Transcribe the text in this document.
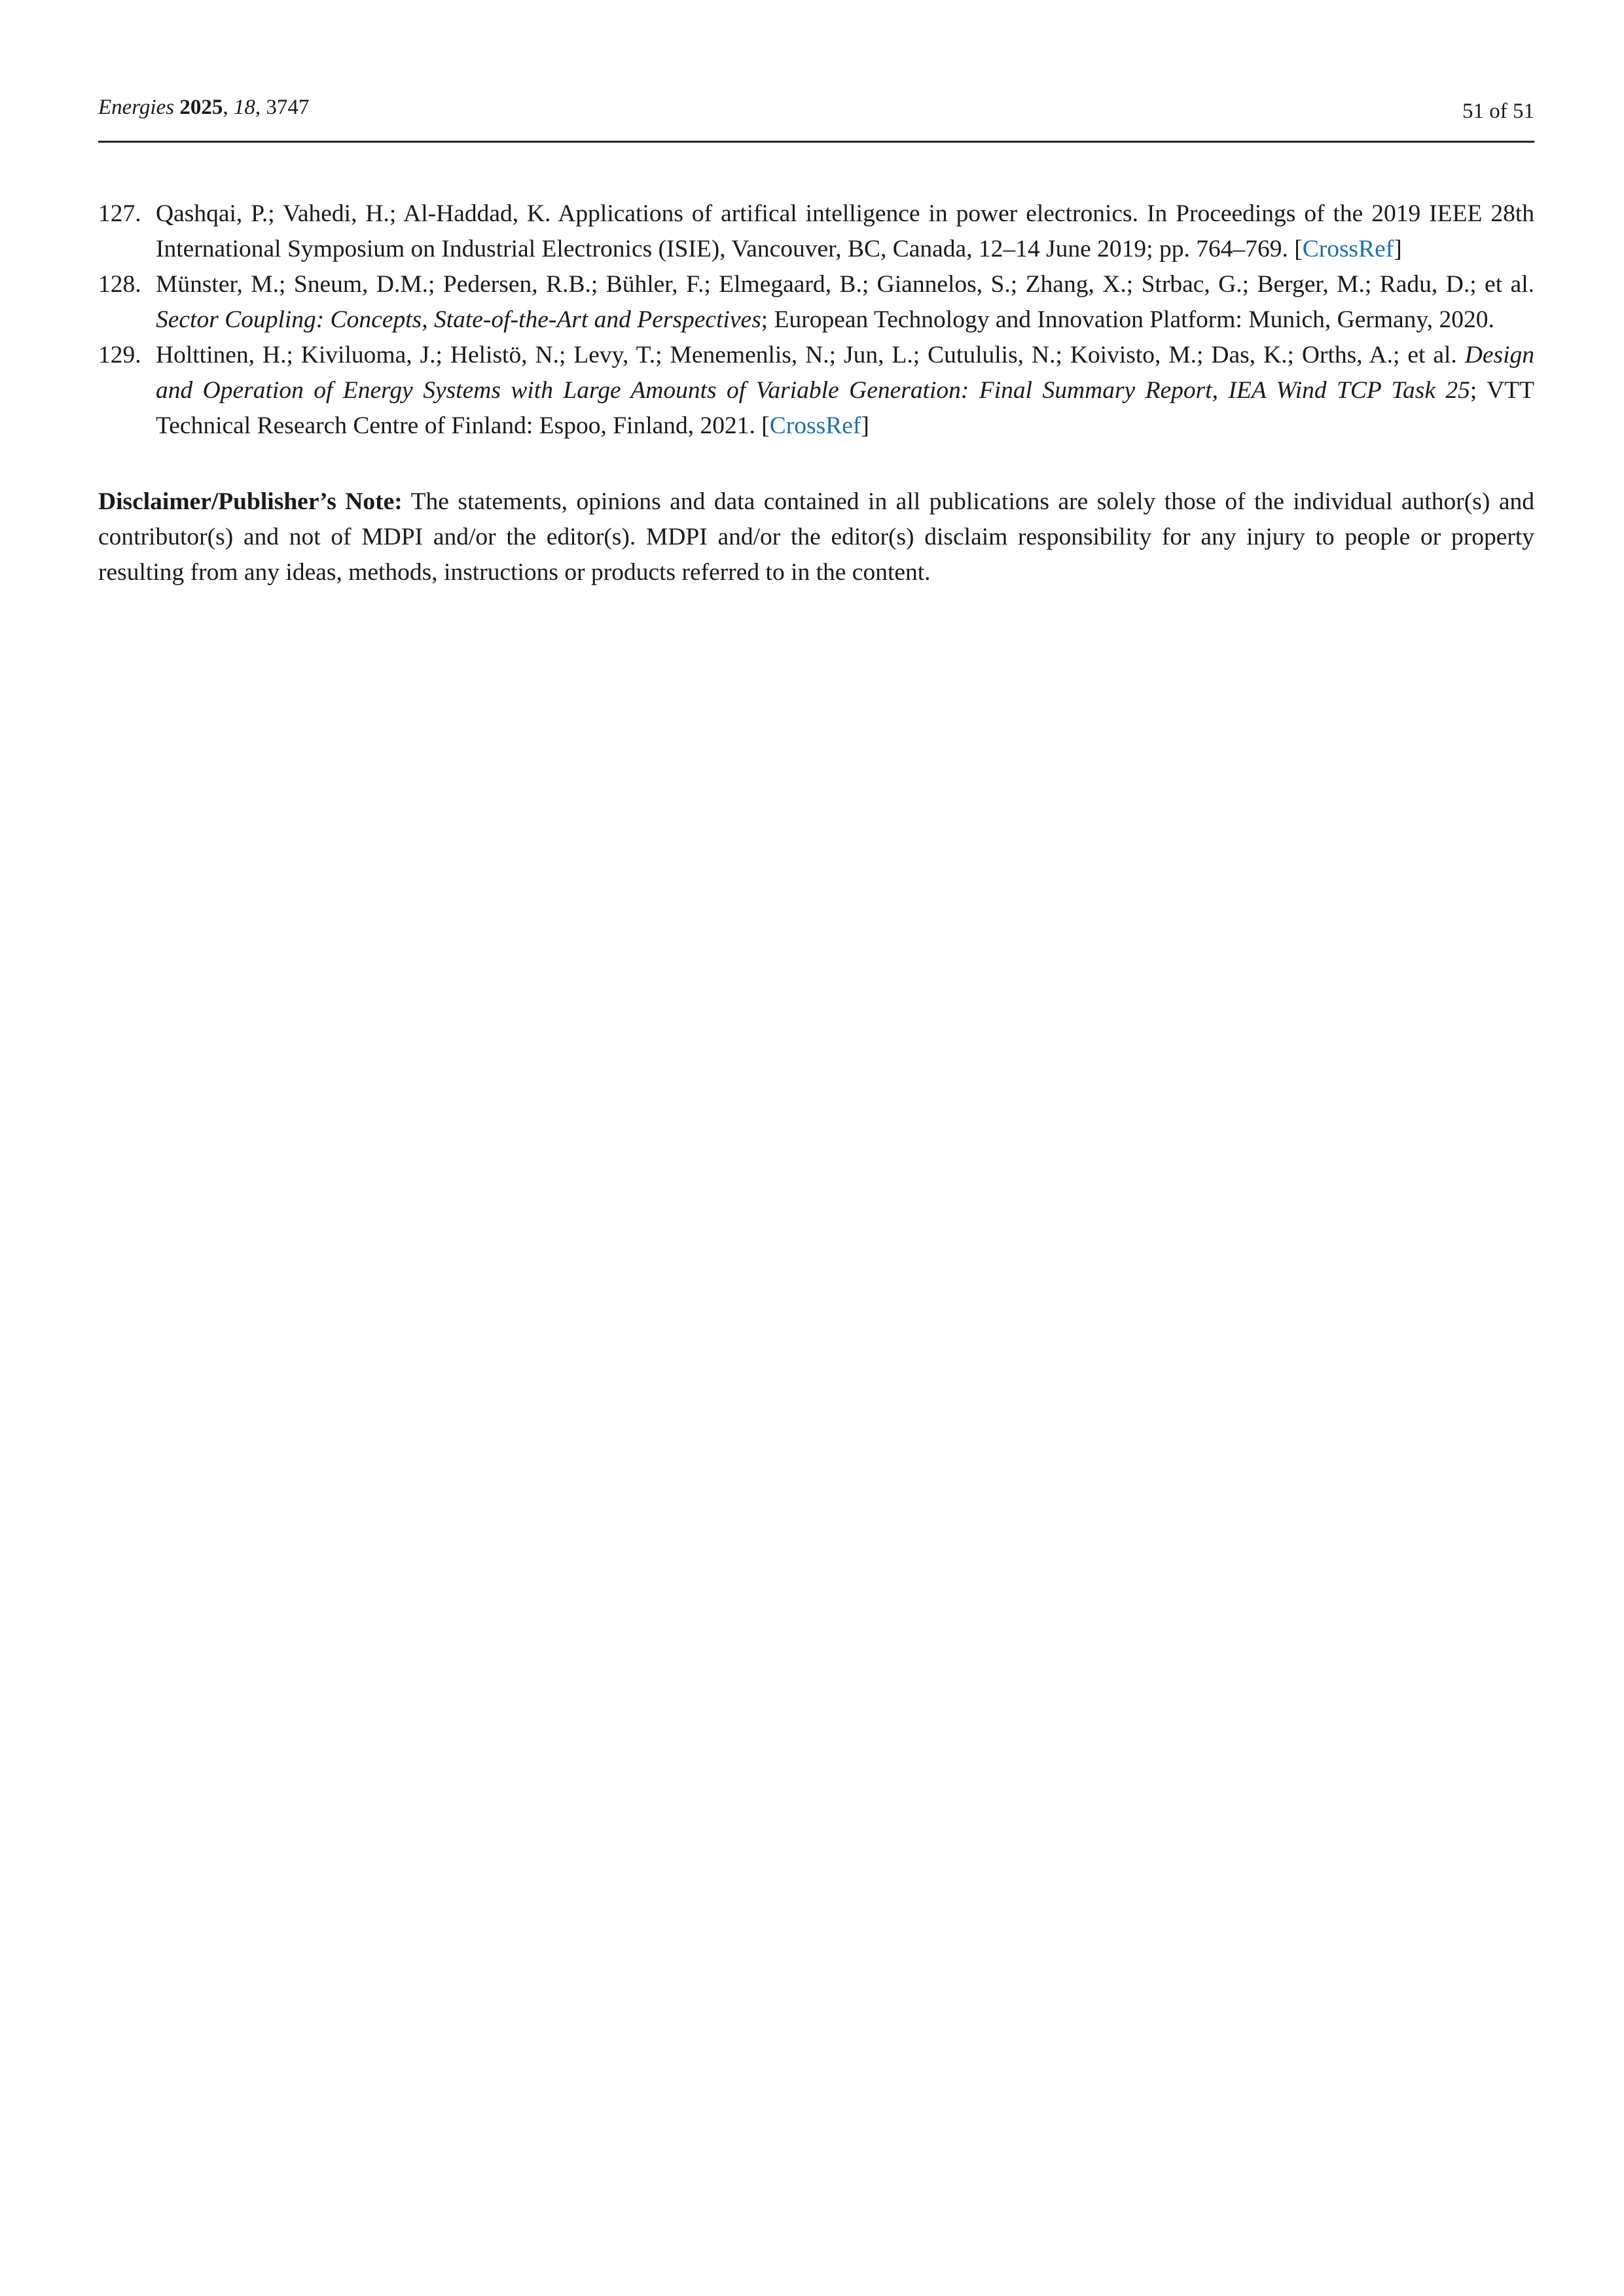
Energies 2025, 18, 3747	51 of 51
127. Qashqai, P.; Vahedi, H.; Al-Haddad, K. Applications of artifical intelligence in power electronics. In Proceedings of the 2019 IEEE 28th International Symposium on Industrial Electronics (ISIE), Vancouver, BC, Canada, 12–14 June 2019; pp. 764–769. [CrossRef]
128. Münster, M.; Sneum, D.M.; Pedersen, R.B.; Bühler, F.; Elmegaard, B.; Giannelos, S.; Zhang, X.; Strbac, G.; Berger, M.; Radu, D.; et al. Sector Coupling: Concepts, State-of-the-Art and Perspectives; European Technology and Innovation Platform: Munich, Germany, 2020.
129. Holttinen, H.; Kiviluoma, J.; Helistö, N.; Levy, T.; Menemenlis, N.; Jun, L.; Cutululis, N.; Koivisto, M.; Das, K.; Orths, A.; et al. Design and Operation of Energy Systems with Large Amounts of Variable Generation: Final Summary Report, IEA Wind TCP Task 25; VTT Technical Research Centre of Finland: Espoo, Finland, 2021. [CrossRef]

Disclaimer/Publisher’s Note: The statements, opinions and data contained in all publications are solely those of the individual author(s) and contributor(s) and not of MDPI and/or the editor(s). MDPI and/or the editor(s) disclaim responsibility for any injury to people or property resulting from any ideas, methods, instructions or products referred to in the content.
